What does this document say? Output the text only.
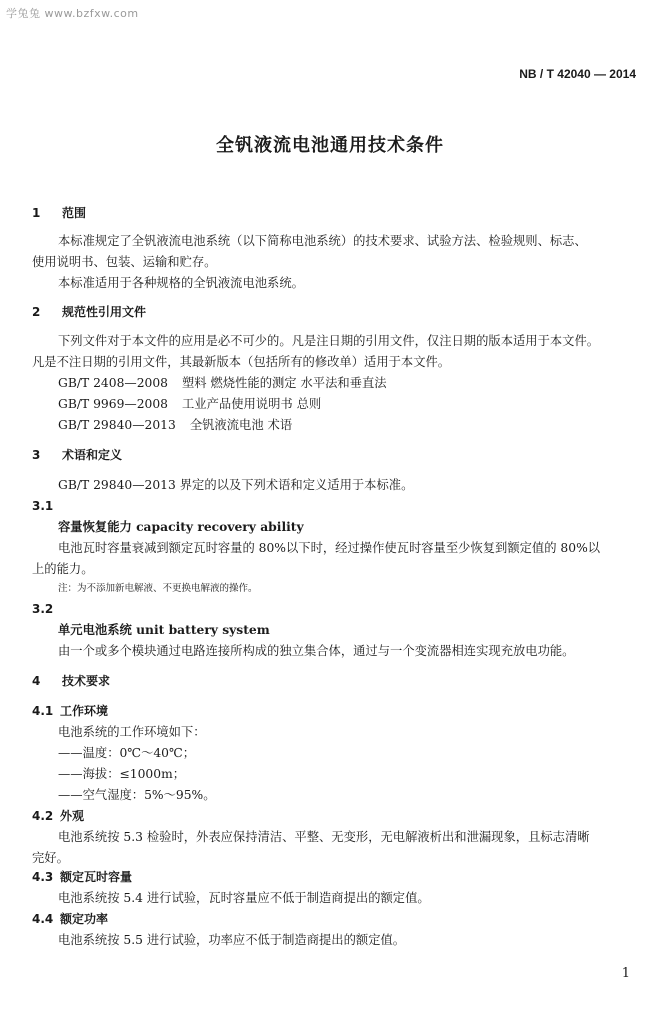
学兔兔 www.bzfxw.com
NB / T 42040 — 2014
全钒液流电池通用技术条件
1 范围
本标准规定了全钒液流电池系统（以下简称电池系统）的技术要求、试验方法、检验规则、标志、
使用说明书、包装、运输和贮存。
本标准适用于各种规格的全钒液流电池系统。
2 规范性引用文件
下列文件对于本文件的应用是必不可少的。凡是注日期的引用文件，仅注日期的版本适用于本文件。
凡是不注日期的引用文件，其最新版本（包括所有的修改单）适用于本文件。
GB/T 2408—2008 塑料 燃烧性能的测定 水平法和垂直法
GB/T 9969—2008 工业产品使用说明书 总则
GB/T 29840—2013 全钒液流电池 术语
3 术语和定义
GB/T 29840—2013 界定的以及下列术语和定义适用于本标准。
3.1
容量恢复能力 capacity recovery ability
电池瓦时容量衰减到额定瓦时容量的 80%以下时，经过操作使瓦时容量至少恢复到额定值的 80%以
上的能力。
注：为不添加新电解液、不更换电解液的操作。
3.2
单元电池系统 unit battery system
由一个或多个模块通过电路连接所构成的独立集合体，通过与一个变流器相连实现充放电功能。
4 技术要求
4.1 工作环境
电池系统的工作环境如下：
——温度：0℃～40℃；
——海拔：≤1000m；
——空气湿度：5%～95%。
4.2 外观
电池系统按 5.3 检验时，外表应保持清洁、平整、无变形，无电解液析出和泄漏现象，且标志清晰
完好。
4.3 额定瓦时容量
电池系统按 5.4 进行试验，瓦时容量应不低于制造商提出的额定值。
4.4 额定功率
电池系统按 5.5 进行试验，功率应不低于制造商提出的额定值。
1
